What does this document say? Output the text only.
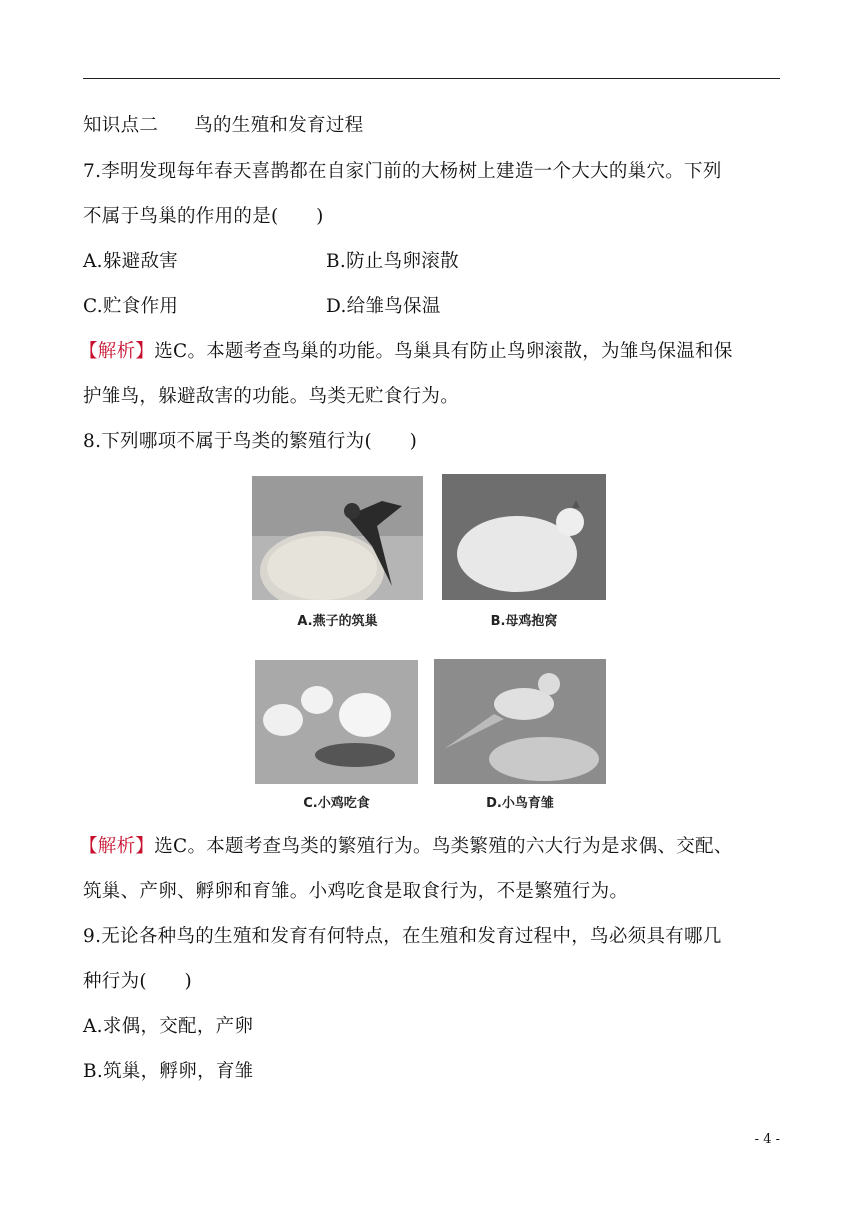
知识点二 鸟的生殖和发育过程
7.李明发现每年春天喜鹊都在自家门前的大杨树上建造一个大大的巢穴。下列
不属于鸟巢的作用的是(　　)
A.躲避敌害	B.防止鸟卵滚散
C.贮食作用	D.给雏鸟保温
【解析】选C。本题考查鸟巢的功能。鸟巢具有防止鸟卵滚散，为雏鸟保温和保
护雏鸟，躲避敌害的功能。鸟类无贮食行为。
8.下列哪项不属于鸟类的繁殖行为(　　)
A.燕子的筑巢	B.母鸡抱窝
C.小鸡吃食	D.小鸟育雏
【解析】选C。本题考查鸟类的繁殖行为。鸟类繁殖的六大行为是求偶、交配、
筑巢、产卵、孵卵和育雏。小鸡吃食是取食行为，不是繁殖行为。
9.无论各种鸟的生殖和发育有何特点，在生殖和发育过程中，鸟必须具有哪几
种行为(　　)
A.求偶，交配，产卵
B.筑巢，孵卵，育雏
- 4 -
